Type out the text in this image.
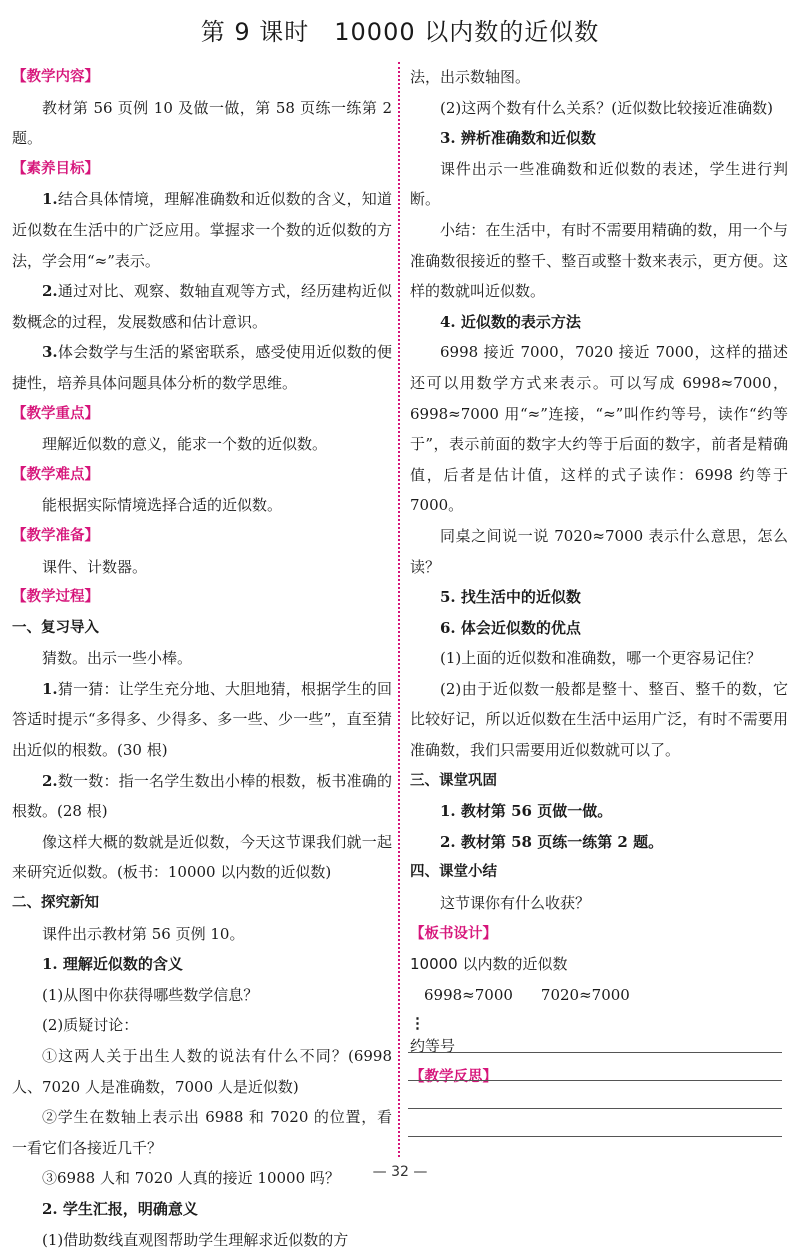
第 9 课时　10000 以内数的近似数

【教学内容】

教材第 56 页例 10 及做一做，第 58 页练一练第 2 题。

【素养目标】

1.结合具体情境，理解准确数和近似数的含义，知道近似数在生活中的广泛应用。掌握求一个数的近似数的方法，学会用“≈”表示。

2.通过对比、观察、数轴直观等方式，经历建构近似数概念的过程，发展数感和估计意识。

3.体会数学与生活的紧密联系，感受使用近似数的便捷性，培养具体问题具体分析的数学思维。

【教学重点】

理解近似数的意义，能求一个数的近似数。

【教学难点】

能根据实际情境选择合适的近似数。

【教学准备】

课件、计数器。

【教学过程】

一、复习导入

猜数。出示一些小棒。

1.猜一猜：让学生充分地、大胆地猜，根据学生的回答适时提示“多得多、少得多、多一些、少一些”，直至猜出近似的根数。(30 根)

2.数一数：指一名学生数出小棒的根数，板书准确的根数。(28 根)

像这样大概的数就是近似数，今天这节课我们就一起来研究近似数。(板书：10000 以内数的近似数)

二、探究新知

课件出示教材第 56 页例 10。

1. 理解近似数的含义

(1)从图中你获得哪些数学信息？

(2)质疑讨论：

①这两人关于出生人数的说法有什么不同？(6998 人、7020 人是准确数，7000 人是近似数)

②学生在数轴上表示出 6988 和 7020 的位置，看一看它们各接近几千？

③6988 人和 7020 人真的接近 10000 吗？

2. 学生汇报，明确意义

(1)借助数线直观图帮助学生理解求近似数的方

法，出示数轴图。

(2)这两个数有什么关系？(近似数比较接近准确数)

3. 辨析准确数和近似数

课件出示一些准确数和近似数的表述，学生进行判断。

小结：在生活中，有时不需要用精确的数，用一个与准确数很接近的整千、整百或整十数来表示，更方便。这样的数就叫近似数。

4. 近似数的表示方法

6998 接近 7000，7020 接近 7000，这样的描述还可以用数学方式来表示。可以写成 6998≈7000，6998≈7000 用“≈”连接，“≈”叫作约等号，读作“约等于”，表示前面的数字大约等于后面的数字，前者是精确值，后者是估计值，这样的式子读作：6998 约等于 7000。

同桌之间说一说 7020≈7000 表示什么意思，怎么读？

5. 找生活中的近似数

6. 体会近似数的优点

(1)上面的近似数和准确数，哪一个更容易记住？

(2)由于近似数一般都是整十、整百、整千的数，它比较好记，所以近似数在生活中运用广泛，有时不需要用准确数，我们只需要用近似数就可以了。

三、课堂巩固

1. 教材第 56 页做一做。

2. 教材第 58 页练一练第 2 题。

四、课堂小结

这节课你有什么收获？

【板书设计】

10000 以内数的近似数

6998≈7000 7020≈7000

⋮

约等号

【教学反思】

— 32 —
